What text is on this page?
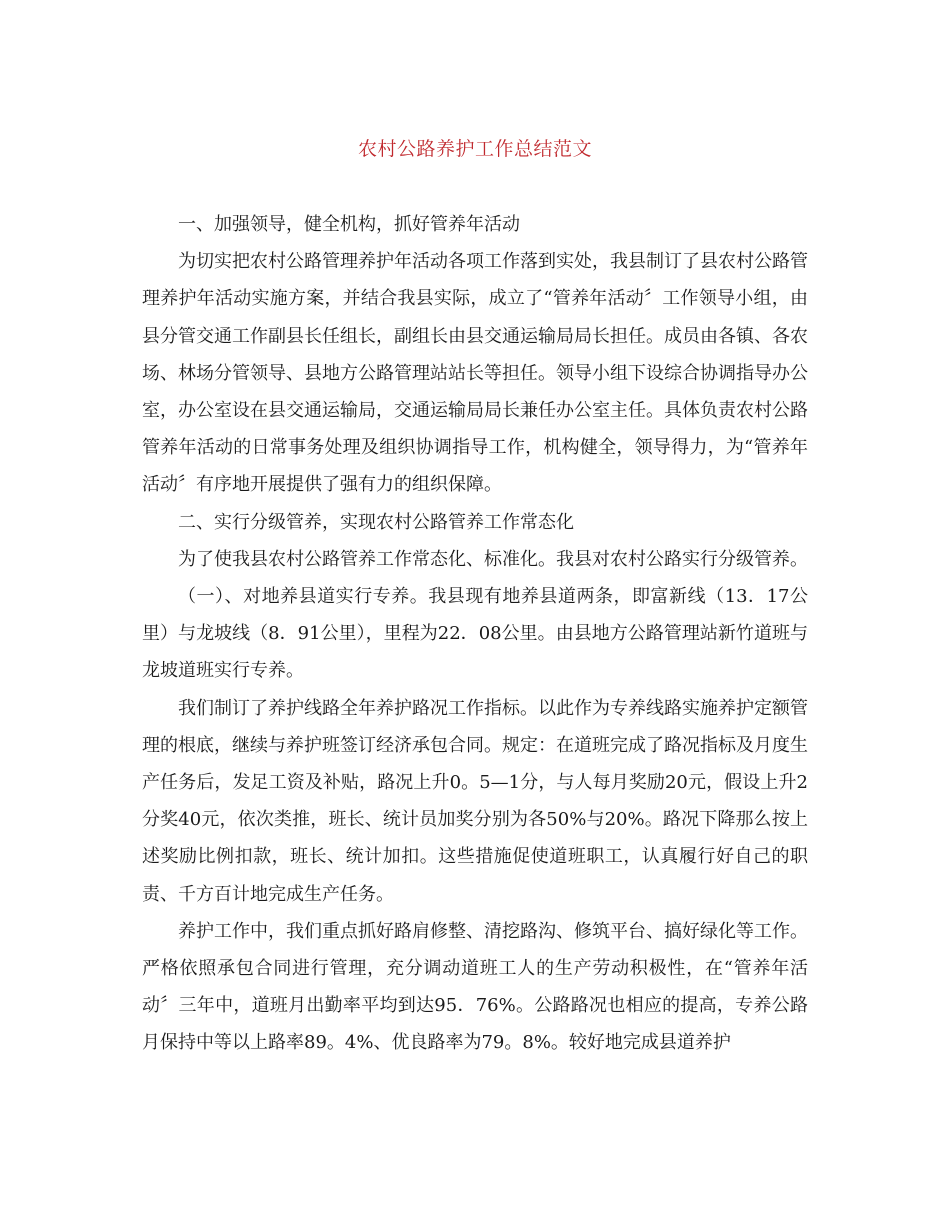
农村公路养护工作总结范文

一、加强领导，健全机构，抓好管养年活动

为切实把农村公路管理养护年活动各项工作落到实处，我县制订了县农村公路管理养护年活动实施方案，并结合我县实际，成立了“管养年活动〞工作领导小组，由县分管交通工作副县长任组长，副组长由县交通运输局局长担任。成员由各镇、各农场、林场分管领导、县地方公路管理站站长等担任。领导小组下设综合协调指导办公室，办公室设在县交通运输局，交通运输局局长兼任办公室主任。具体负责农村公路管养年活动的日常事务处理及组织协调指导工作，机构健全，领导得力，为“管养年活动〞有序地开展提供了强有力的组织保障。

二、实行分级管养，实现农村公路管养工作常态化

为了使我县农村公路管养工作常态化、标准化。我县对农村公路实行分级管养。

（一）、对地养县道实行专养。我县现有地养县道两条，即富新线（13．17公里）与龙坡线（8．91公里），里程为22．08公里。由县地方公路管理站新竹道班与龙坡道班实行专养。

我们制订了养护线路全年养护路况工作指标。以此作为专养线路实施养护定额管理的根底，继续与养护班签订经济承包合同。规定：在道班完成了路况指标及月度生产任务后，发足工资及补贴，路况上升0。5—1分，与人每月奖励20元，假设上升2分奖40元，依次类推，班长、统计员加奖分别为各50%与20%。路况下降那么按上述奖励比例扣款，班长、统计加扣。这些措施促使道班职工，认真履行好自己的职责、千方百计地完成生产任务。

养护工作中，我们重点抓好路肩修整、清挖路沟、修筑平台、搞好绿化等工作。严格依照承包合同进行管理，充分调动道班工人的生产劳动积极性，在“管养年活动〞三年中，道班月出勤率平均到达95．76%。公路路况也相应的提高，专养公路月保持中等以上路率89。4%、优良路率为79。8%。较好地完成县道养护
